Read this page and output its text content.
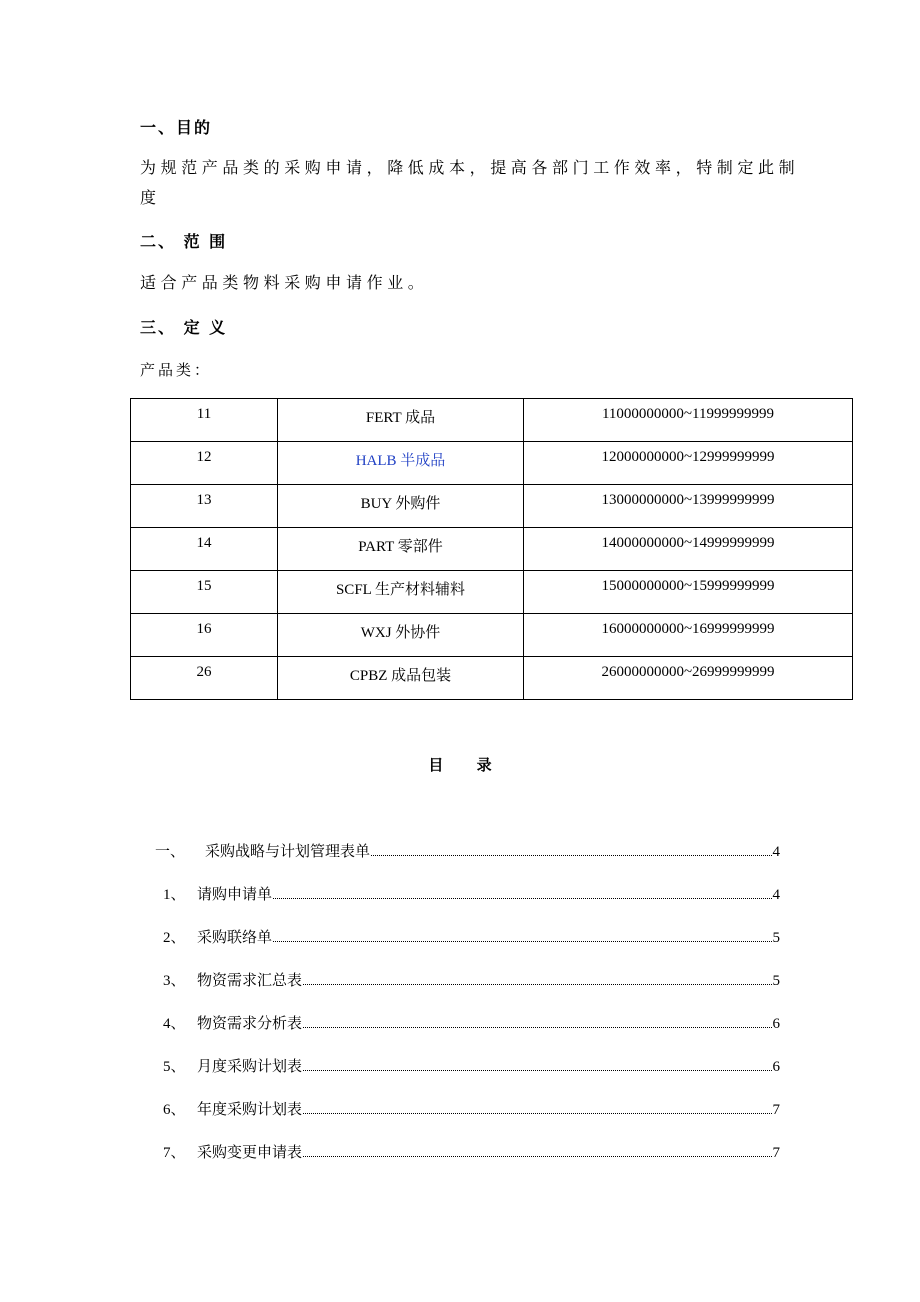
一、目的
为规范产品类的采购申请，降低成本，提高各部门工作效率，特制定此制度
二、 范 围
适合产品类物料采购申请作业。
三、 定 义
产品类：
11	FERT 成品	11000000000~11999999999
12	HALB 半成品	12000000000~12999999999
13	BUY 外购件	13000000000~13999999999
14	PART 零部件	14000000000~14999999999
15	SCFL 生产材料辅料	15000000000~15999999999
16	WXJ 外协件	16000000000~16999999999
26	CPBZ 成品包装	26000000000~26999999999
目 录
一、	采购战略与计划管理表单	4
1、 请购申请单	4
2、 采购联络单	5
3、 物资需求汇总表	5
4、 物资需求分析表	6
5、 月度采购计划表	6
6、 年度采购计划表	7
7、 采购变更申请表	7
